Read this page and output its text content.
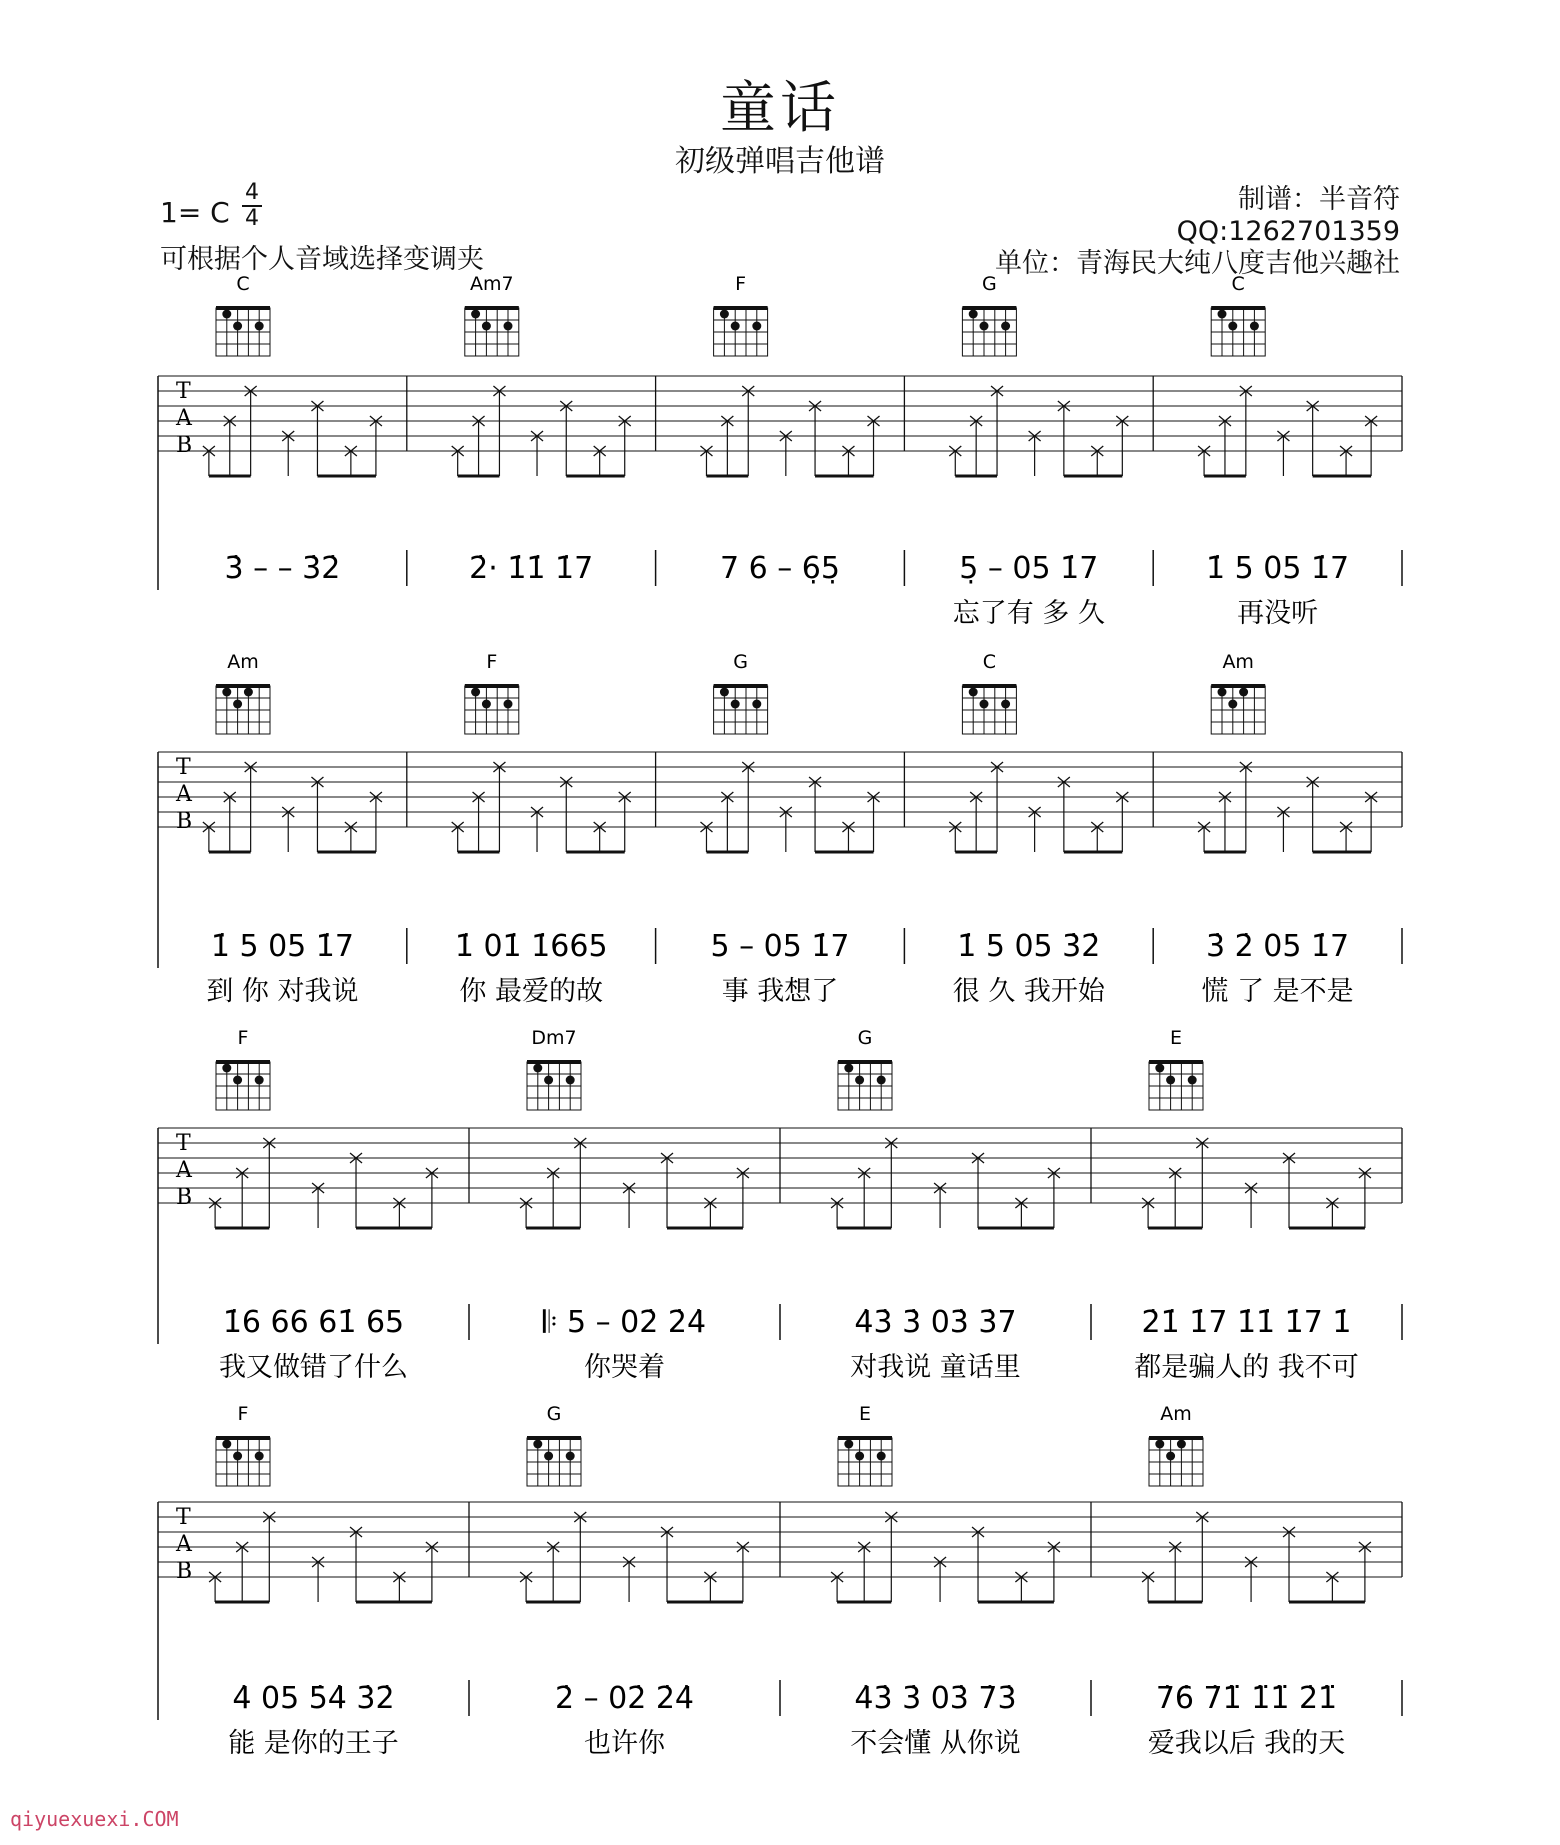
童话
初级弹唱吉他谱
1= C
4
4
可根据个人音域选择变调夹
制谱：半音符
QQ:1262701359
单位：青海民大纯八度吉他兴趣社
T
A
B
C
3̇ – – 3̇2̇
Am7
2̇· 1̇1̇ 1̇7
F
7 6 – 6̣5̣
G
5̣ – 05 1̇7
忘了有 多 久
C
1̇ 5 05 1̇7
再没听
T
A
B
Am
1̇ 5 05 1̇7
到 你 对我说
F
1̇ 01̇ 1̇665
你 最爱的故
G
5 – 05 1̇7
事 我想了
C
1̇ 5 05 3̇2̇
很 久 我开始
Am
3̇ 2̇ 05 1̇7
慌 了 是不是
T
A
B
F
1̇6 66 61̇ 65
我又做错了什么
Dm7
𝄆 5 – 02̇ 2̇4̇
你哭着
G
4̇3̇ 3̇ 03̇ 3̇7
对我说 童话里
E
2̇1̇ 1̇7 1̇1̇ 1̇7 1̇
都是骗人的 我不可
T
A
B
F
4̇ 05 5̇4̇ 3̇2̇
能 是你的王子
G
2̇ – 02̇ 2̇4̇
也许你
E
4̇3̇ 3̇ 03̇ 7̇3̇
不会懂 从你说
Am
7̇6̇ 7̇1̈ 1̈1̈ 2̇1̈
爱我以后 我的天
qiyuexuexi.COM
